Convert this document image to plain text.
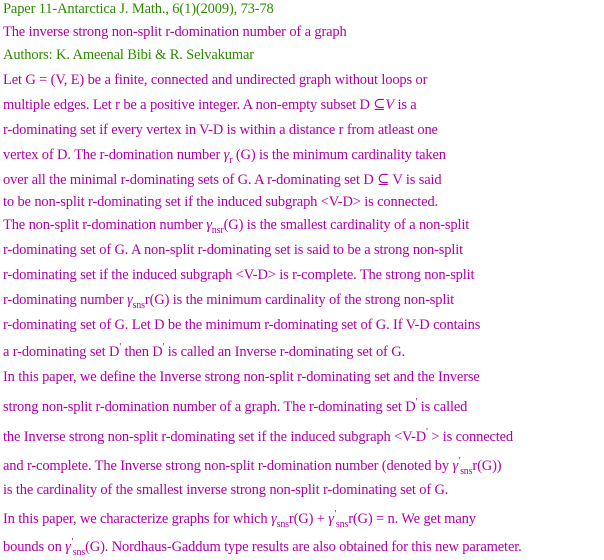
Paper 11-Antarctica J. Math., 6(1)(2009), 73-78
The inverse strong non-split r-domination number of a graph
Authors: K. Ameenal Bibi & R. Selvakumar
Let G = (V, E) be a finite, connected and undirected graph without loops or
multiple edges. Let r be a positive integer. A non-empty subset D ⊆V is a
r-dominating set if every vertex in V-D is within a distance r from atleast one
vertex of D. The r-domination number $\gamma_r$ (G) is the minimum cardinality taken
over all the minimal r-dominating sets of G. A r-dominating set D ⊆ V is said
to be non-split r-dominating set if the induced subgraph <V-D> is connected.
The non-split r-domination number $\gamma_{nsr}(G)$ is the smallest cardinality of a non-split
r-dominating set of G. A non-split r-dominating set is said to be a strong non-split
r-dominating set if the induced subgraph <V-D> is r-complete. The strong non-split
r-dominating number $\gamma_{sns}r(G)$ is the minimum cardinality of the strong non-split
r-dominating set of G. Let D be the minimum r-dominating set of G. If V-D contains
a r-dominating set D' then D' is called an Inverse r-dominating set of G.
In this paper, we define the Inverse strong non-split r-dominating set and the Inverse
strong non-split r-domination number of a graph. The r-dominating set D' is called
the Inverse strong non-split r-dominating set if the induced subgraph <V-D' > is connected
and r-complete. The Inverse strong non-split r-domination number (denoted by $\gamma'_{sns}r(G)$)
is the cardinality of the smallest inverse strong non-split r-dominating set of G.
In this paper, we characterize graphs for which $\gamma_{sns}r(G) + \gamma'_{sns}r(G) = n$. We get many
bounds on $\gamma'_{sns}(G)$. Nordhaus-Gaddum type results are also obtained for this new parameter.
